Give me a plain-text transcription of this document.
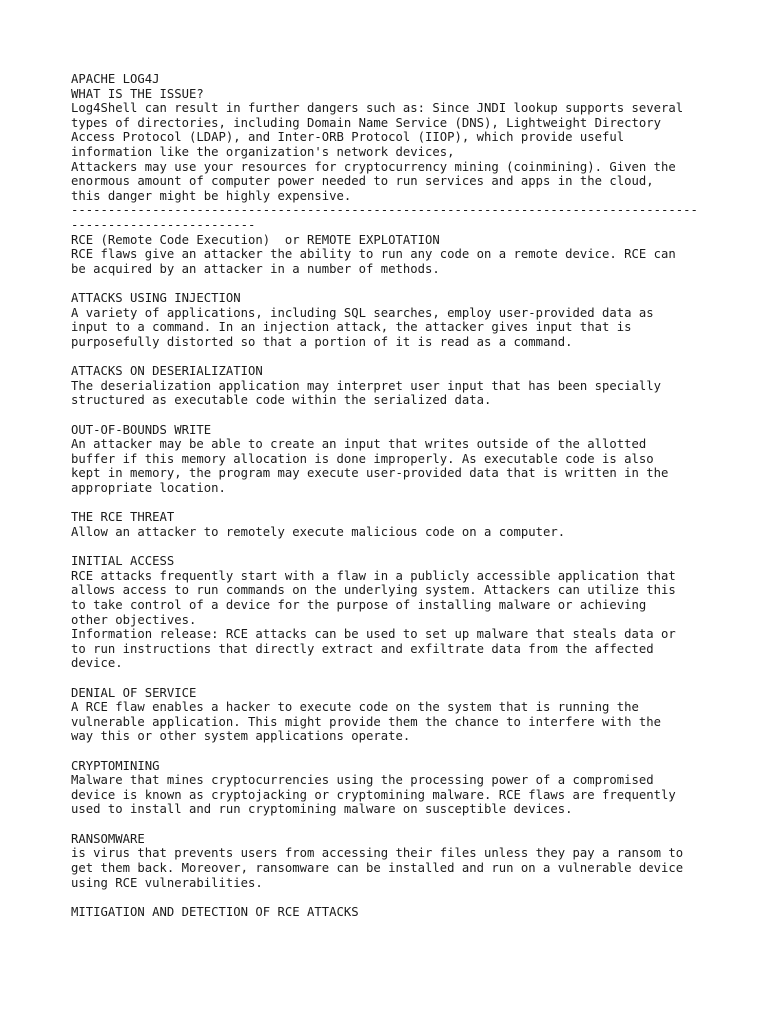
APACHE LOG4J
WHAT IS THE ISSUE?
Log4Shell can result in further dangers such as: Since JNDI lookup supports several
types of directories, including Domain Name Service (DNS), Lightweight Directory
Access Protocol (LDAP), and Inter-ORB Protocol (IIOP), which provide useful
information like the organization's network devices,
Attackers may use your resources for cryptocurrency mining (coinmining). Given the
enormous amount of computer power needed to run services and apps in the cloud,
this danger might be highly expensive.
-------------------------------------------------------------------------------------
-------------------------
RCE (Remote Code Execution)  or REMOTE EXPLOTATION
RCE flaws give an attacker the ability to run any code on a remote device. RCE can
be acquired by an attacker in a number of methods.
ATTACKS USING INJECTION
A variety of applications, including SQL searches, employ user-provided data as
input to a command. In an injection attack, the attacker gives input that is
purposefully distorted so that a portion of it is read as a command.
ATTACKS ON DESERIALIZATION
The deserialization application may interpret user input that has been specially
structured as executable code within the serialized data.
OUT-OF-BOUNDS WRITE
An attacker may be able to create an input that writes outside of the allotted
buffer if this memory allocation is done improperly. As executable code is also
kept in memory, the program may execute user-provided data that is written in the
appropriate location.
THE RCE THREAT
Allow an attacker to remotely execute malicious code on a computer.
INITIAL ACCESS
RCE attacks frequently start with a flaw in a publicly accessible application that
allows access to run commands on the underlying system. Attackers can utilize this
to take control of a device for the purpose of installing malware or achieving
other objectives.
Information release: RCE attacks can be used to set up malware that steals data or
to run instructions that directly extract and exfiltrate data from the affected
device.
DENIAL OF SERVICE
A RCE flaw enables a hacker to execute code on the system that is running the
vulnerable application. This might provide them the chance to interfere with the
way this or other system applications operate.
CRYPTOMINING
Malware that mines cryptocurrencies using the processing power of a compromised
device is known as cryptojacking or cryptomining malware. RCE flaws are frequently
used to install and run cryptomining malware on susceptible devices.
RANSOMWARE
is virus that prevents users from accessing their files unless they pay a ransom to
get them back. Moreover, ransomware can be installed and run on a vulnerable device
using RCE vulnerabilities.
MITIGATION AND DETECTION OF RCE ATTACKS
